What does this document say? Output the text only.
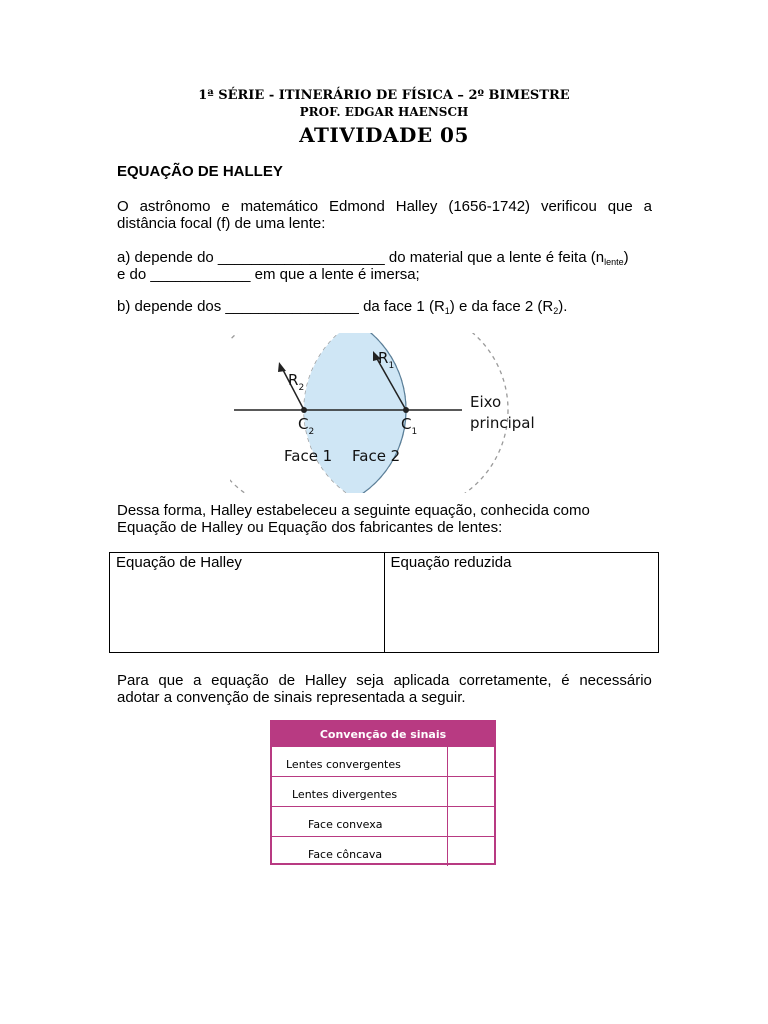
1ª SÉRIE - ITINERÁRIO DE FÍSICA – 2º BIMESTRE
PROF. EDGAR HAENSCH
ATIVIDADE 05
EQUAÇÃO DE HALLEY
O astrônomo e matemático Edmond Halley (1656-1742) verificou que a
distância focal (f) de uma lente:
a) depende do ____________________ do material que a lente é feita $(n_{lente})$
e do ____________ em que a lente é imersa;
b) depende dos ________________ da face 1 $(R_1)$ e da face 2 $(R_2)$.
$R_2$
$R_1$
$C_2$	$C_1$
Eixo
principal
Face 1 Face 2
Dessa forma, Halley estabeleceu a seguinte equação, conhecida como
Equação de Halley ou Equação dos fabricantes de lentes:
Equação de Halley	Equação reduzida
Para que a equação de Halley seja aplicada corretamente, é necessário
adotar a convenção de sinais representada a seguir.
Convenção de sinais
Lentes convergentes
Lentes divergentes
Face convexa
Face côncava
